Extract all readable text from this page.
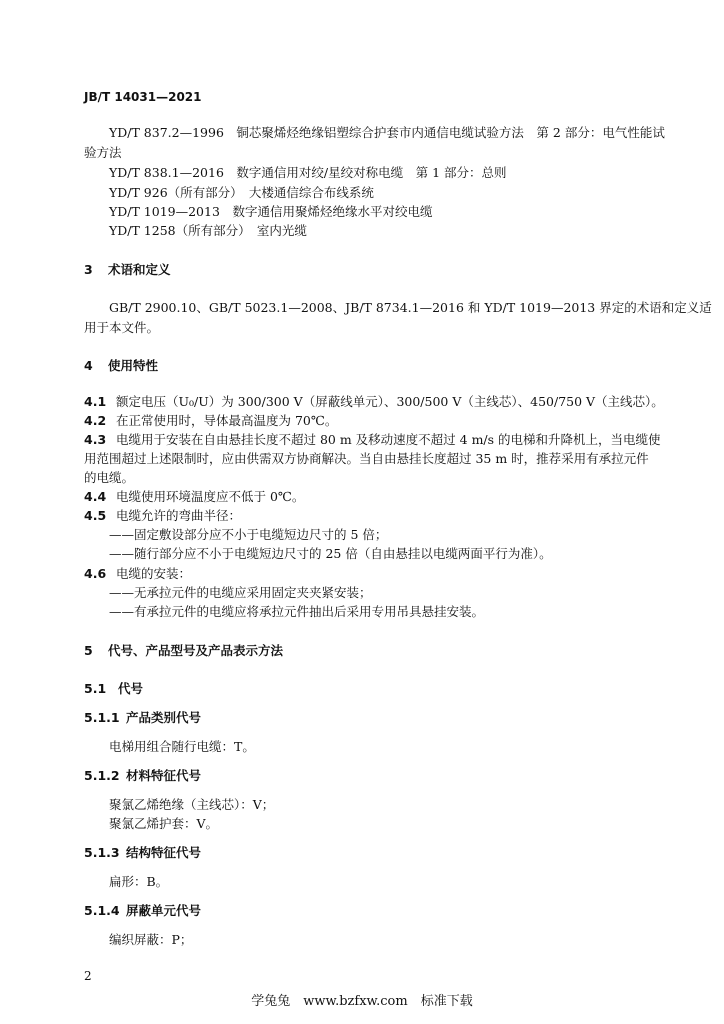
JB/T 14031—2021
YD/T 837.2—1996　 铜芯聚烯烃绝缘铝塑综合护套市内通信电缆试验方法　第 2 部分：电气性能试
验方法
YD/T 838.1—2016　 数字通信用对绞/星绞对称电缆　第 1 部分：总则
YD/T 926（所有部分）　 大楼通信综合布线系统
YD/T 1019—2013　 数字通信用聚烯烃绝缘水平对绞电缆
YD/T 1258（所有部分）　 室内光缆
3 术语和定义
GB/T 2900.10、GB/T 5023.1—2008、JB/T 8734.1—2016 和 YD/T 1019—2013 界定的术语和定义适
用于本文件。
4 使用特性
4.1 额定电压（U₀/U）为 300/300 V（屏蔽线单元）、300/500 V（主线芯）、450/750 V（主线芯）。
4.2 在正常使用时，导体最高温度为 70℃。
4.3 电缆用于安装在自由悬挂长度不超过 80 m 及移动速度不超过 4 m/s 的电梯和升降机上，当电缆使
用范围超过上述限制时，应由供需双方协商解决。当自由悬挂长度超过 35 m 时，推荐采用有承拉元件
的电缆。
4.4 电缆使用环境温度应不低于 0℃。
4.5 电缆允许的弯曲半径：
——固定敷设部分应不小于电缆短边尺寸的 5 倍；
——随行部分应不小于电缆短边尺寸的 25 倍（自由悬挂以电缆两面平行为准）。
4.6 电缆的安装：
——无承拉元件的电缆应采用固定夹夹紧安装；
——有承拉元件的电缆应将承拉元件抽出后采用专用吊具悬挂安装。
5 代号、产品型号及产品表示方法
5.1 代号
5.1.1 产品类别代号
电梯用组合随行电缆：T。
5.1.2 材料特征代号
聚氯乙烯绝缘（主线芯）：V；
聚氯乙烯护套：V。
5.1.3 结构特征代号
扁形：B。
5.1.4 屏蔽单元代号
编织屏蔽：P；
2
学兔兔　www.bzfxw.com　标准下载
